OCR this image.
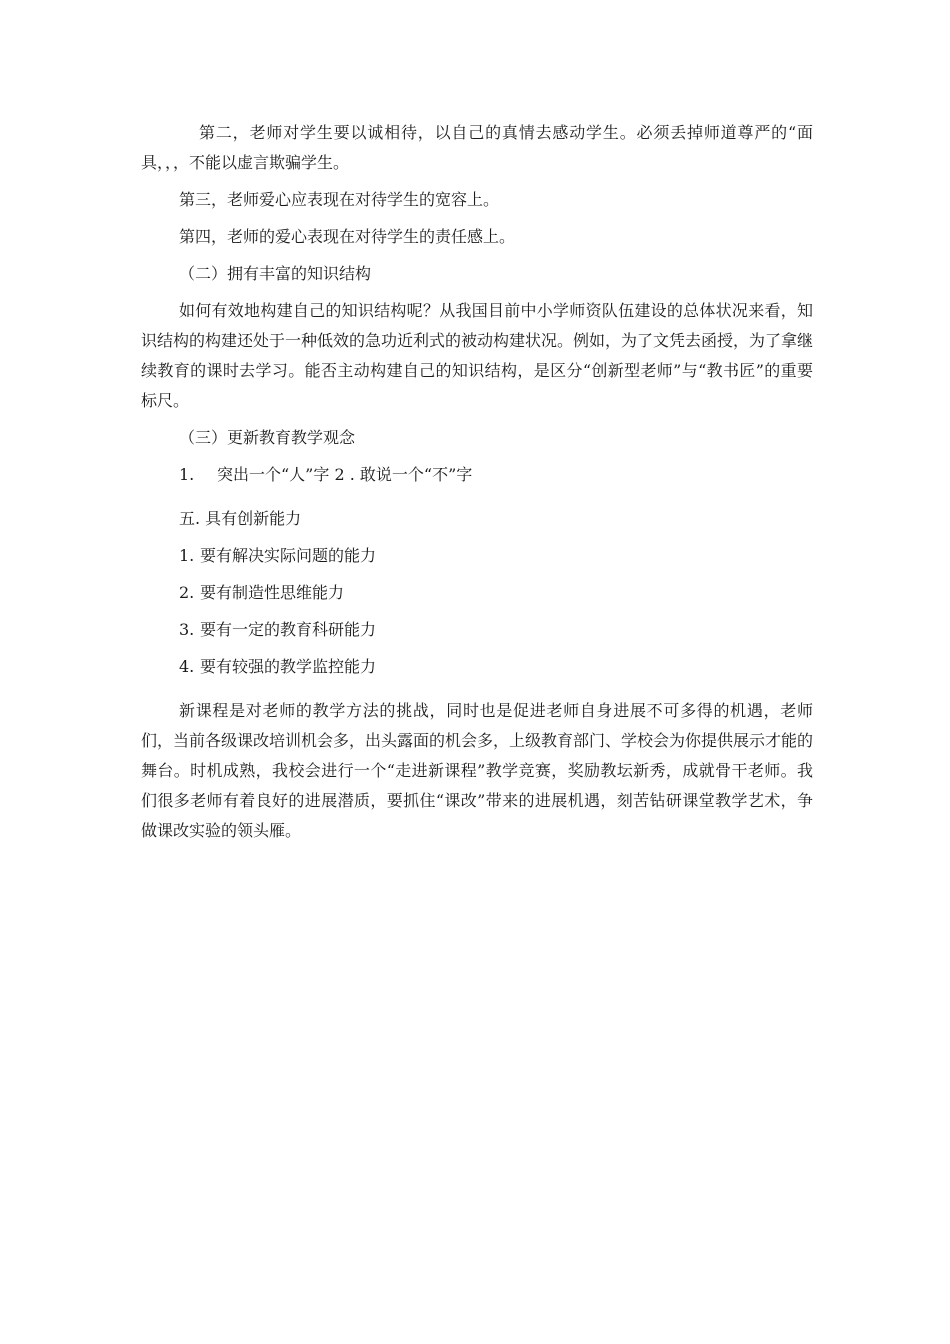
第二，老师对学生要以诚相待，以自己的真情去感动学生。必须丢掉师道尊严的“面具，，，不能以虚言欺骗学生。

第三，老师爱心应表现在对待学生的宽容上。

第四，老师的爱心表现在对待学生的责任感上。

（二）拥有丰富的知识结构

如何有效地构建自己的知识结构呢？从我国目前中小学师资队伍建设的总体状况来看，知识结构的构建还处于一种低效的急功近利式的被动构建状况。例如，为了文凭去函授，为了拿继续教育的课时去学习。能否主动构建自己的知识结构，是区分“创新型老师”与“教书匠”的重要标尺。

（三）更新教育教学观念

1. 突出一个“人”字 2 . 敢说一个“不”字

五. 具有创新能力

1. 要有解决实际问题的能力

2. 要有制造性思维能力

3. 要有一定的教育科研能力

4. 要有较强的教学监控能力

新课程是对老师的教学方法的挑战，同时也是促进老师自身进展不可多得的机遇，老师们，当前各级课改培训机会多，出头露面的机会多，上级教育部门、学校会为你提供展示才能的舞台。时机成熟，我校会进行一个“走进新课程”教学竞赛，奖励教坛新秀，成就骨干老师。我们很多老师有着良好的进展潜质，要抓住“课改”带来的进展机遇，刻苦钻研课堂教学艺术，争做课改实验的领头雁。
